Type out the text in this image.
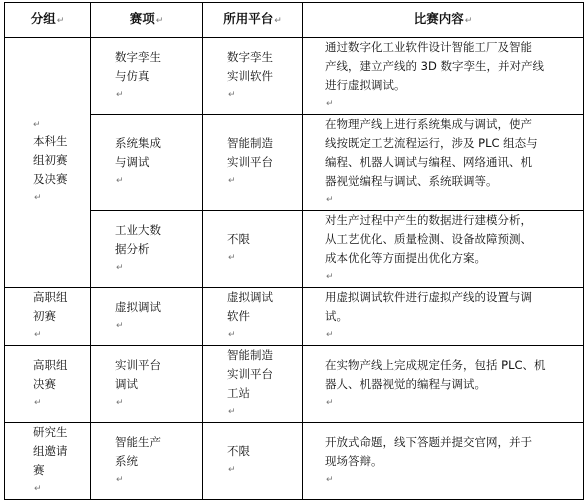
分组↵	赛项↵	所用平台↵	比赛内容↵

↵
本科生
组初赛
及决赛
↵	数字孪生
与仿真
↵	数字孪生
实训软件
↵	通过数字化工业软件设计智能工厂及智能
产线，建立产线的 3D 数字孪生，并对产线
进行虚拟调试。
↵

	系统集成
与调试
↵	智能制造
实训平台
↵	在物理产线上进行系统集成与调试，使产
线按既定工艺流程运行，涉及 PLC 组态与
编程、机器人调试与编程、网络通讯、机
器视觉编程与调试、系统联调等。
↵

	工业大数
据分析
↵	不限
↵	对生产过程中产生的数据进行建模分析，
从工艺优化、质量检测、设备故障预测、
成本优化等方面提出优化方案。
↵

高职组
初赛
↵	虚拟调试
↵	虚拟调试
软件
↵	用虚拟调试软件进行虚拟产线的设置与调
试。
↵

高职组
决赛
↵	实训平台
调试
↵	智能制造
实训平台
工站
↵	在实物产线上完成规定任务，包括 PLC、机
器人、机器视觉的编程与调试。
↵

研究生
组邀请
赛
↵	智能生产
系统
↵	不限
↵	开放式命题，线下答题并提交官网，并于
现场答辩。
↵
